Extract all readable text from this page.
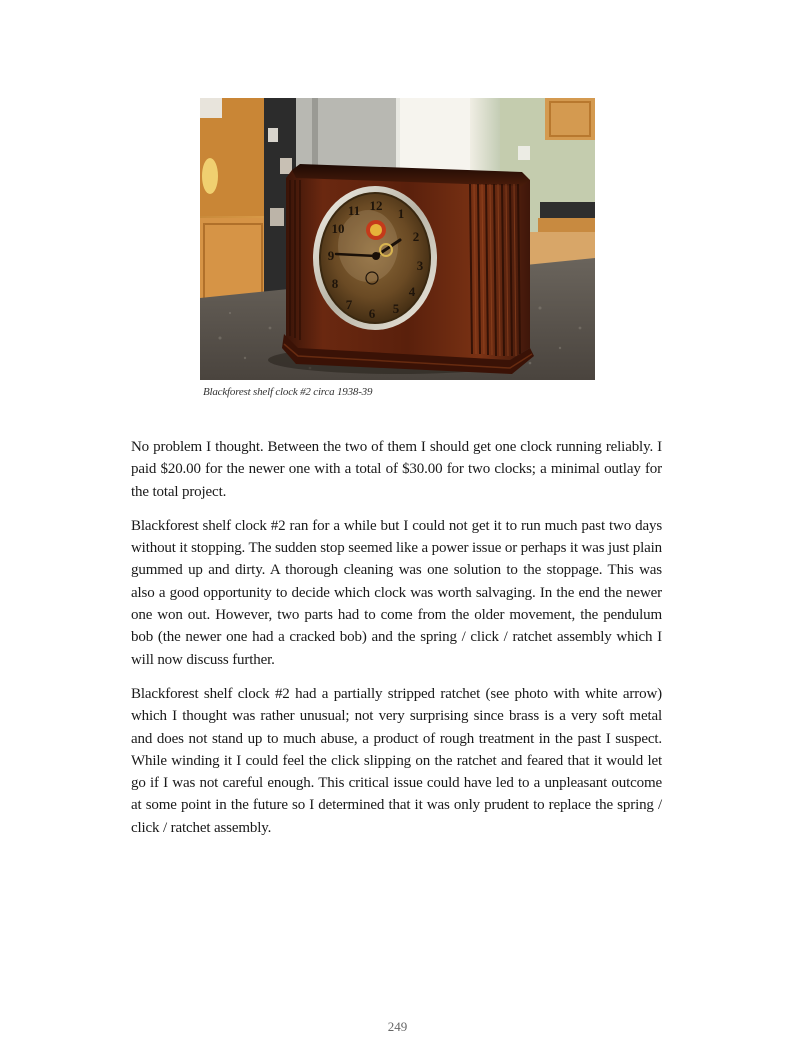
12
1
2
3
4
5
6
7
8
9
10
11
Blackforest shelf clock #2 circa 1938-39

No problem I thought. Between the two of them I should get one clock running reliably. I paid $20.00 for the newer one with a total of $30.00 for two clocks; a minimal outlay for the total project.

Blackforest shelf clock #2 ran for a while but I could not get it to run much past two days without it stopping. The sudden stop seemed like a power issue or perhaps it was just plain gummed up and dirty. A thorough cleaning was one solution to the stoppage. This was also a good opportunity to decide which clock was worth salvaging. In the end the newer one won out. However, two parts had to come from the older movement, the pendulum bob (the newer one had a cracked bob) and the spring / click / ratchet assembly which I will now discuss further.

Blackforest shelf clock #2 had a partially stripped ratchet (see photo with white arrow) which I thought was rather unusual; not very surprising since brass is a very soft metal and does not stand up to much abuse, a product of rough treatment in the past I suspect. While winding it I could feel the click slipping on the ratchet and feared that it would let go if I was not careful enough. This critical issue could have led to a unpleasant outcome at some point in the future so I determined that it was only prudent to replace the spring / click / ratchet assembly.

249
